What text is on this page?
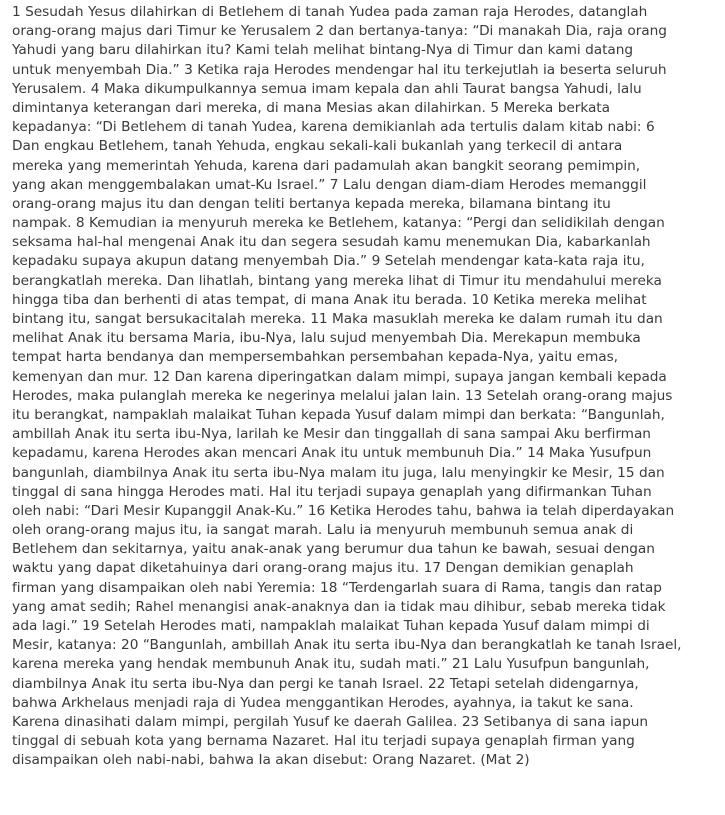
1 Sesudah Yesus dilahirkan di Betlehem di tanah Yudea pada zaman raja Herodes, datanglah
orang-orang majus dari Timur ke Yerusalem 2 dan bertanya-tanya: “Di manakah Dia, raja orang
Yahudi yang baru dilahirkan itu? Kami telah melihat bintang-Nya di Timur dan kami datang
untuk menyembah Dia.” 3 Ketika raja Herodes mendengar hal itu terkejutlah ia beserta seluruh
Yerusalem. 4 Maka dikumpulkannya semua imam kepala dan ahli Taurat bangsa Yahudi, lalu
dimintanya keterangan dari mereka, di mana Mesias akan dilahirkan. 5 Mereka berkata
kepadanya: “Di Betlehem di tanah Yudea, karena demikianlah ada tertulis dalam kitab nabi: 6
Dan engkau Betlehem, tanah Yehuda, engkau sekali-kali bukanlah yang terkecil di antara
mereka yang memerintah Yehuda, karena dari padamulah akan bangkit seorang pemimpin,
yang akan menggembalakan umat-Ku Israel.” 7 Lalu dengan diam-diam Herodes memanggil
orang-orang majus itu dan dengan teliti bertanya kepada mereka, bilamana bintang itu
nampak. 8 Kemudian ia menyuruh mereka ke Betlehem, katanya: “Pergi dan selidikilah dengan
seksama hal-hal mengenai Anak itu dan segera sesudah kamu menemukan Dia, kabarkanlah
kepadaku supaya akupun datang menyembah Dia.” 9 Setelah mendengar kata-kata raja itu,
berangkatlah mereka. Dan lihatlah, bintang yang mereka lihat di Timur itu mendahului mereka
hingga tiba dan berhenti di atas tempat, di mana Anak itu berada. 10 Ketika mereka melihat
bintang itu, sangat bersukacitalah mereka. 11 Maka masuklah mereka ke dalam rumah itu dan
melihat Anak itu bersama Maria, ibu-Nya, lalu sujud menyembah Dia. Merekapun membuka
tempat harta bendanya dan mempersembahkan persembahan kepada-Nya, yaitu emas,
kemenyan dan mur. 12 Dan karena diperingatkan dalam mimpi, supaya jangan kembali kepada
Herodes, maka pulanglah mereka ke negerinya melalui jalan lain. 13 Setelah orang-orang majus
itu berangkat, nampaklah malaikat Tuhan kepada Yusuf dalam mimpi dan berkata: “Bangunlah,
ambillah Anak itu serta ibu-Nya, larilah ke Mesir dan tinggallah di sana sampai Aku berfirman
kepadamu, karena Herodes akan mencari Anak itu untuk membunuh Dia.” 14 Maka Yusufpun
bangunlah, diambilnya Anak itu serta ibu-Nya malam itu juga, lalu menyingkir ke Mesir, 15 dan
tinggal di sana hingga Herodes mati. Hal itu terjadi supaya genaplah yang difirmankan Tuhan
oleh nabi: “Dari Mesir Kupanggil Anak-Ku.” 16 Ketika Herodes tahu, bahwa ia telah diperdayakan
oleh orang-orang majus itu, ia sangat marah. Lalu ia menyuruh membunuh semua anak di
Betlehem dan sekitarnya, yaitu anak-anak yang berumur dua tahun ke bawah, sesuai dengan
waktu yang dapat diketahuinya dari orang-orang majus itu. 17 Dengan demikian genaplah
firman yang disampaikan oleh nabi Yeremia: 18 “Terdengarlah suara di Rama, tangis dan ratap
yang amat sedih; Rahel menangisi anak-anaknya dan ia tidak mau dihibur, sebab mereka tidak
ada lagi.” 19 Setelah Herodes mati, nampaklah malaikat Tuhan kepada Yusuf dalam mimpi di
Mesir, katanya: 20 “Bangunlah, ambillah Anak itu serta ibu-Nya dan berangkatlah ke tanah Israel,
karena mereka yang hendak membunuh Anak itu, sudah mati.” 21 Lalu Yusufpun bangunlah,
diambilnya Anak itu serta ibu-Nya dan pergi ke tanah Israel. 22 Tetapi setelah didengarnya,
bahwa Arkhelaus menjadi raja di Yudea menggantikan Herodes, ayahnya, ia takut ke sana.
Karena dinasihati dalam mimpi, pergilah Yusuf ke daerah Galilea. 23 Setibanya di sana iapun
tinggal di sebuah kota yang bernama Nazaret. Hal itu terjadi supaya genaplah firman yang
disampaikan oleh nabi-nabi, bahwa Ia akan disebut: Orang Nazaret. (Mat 2)
